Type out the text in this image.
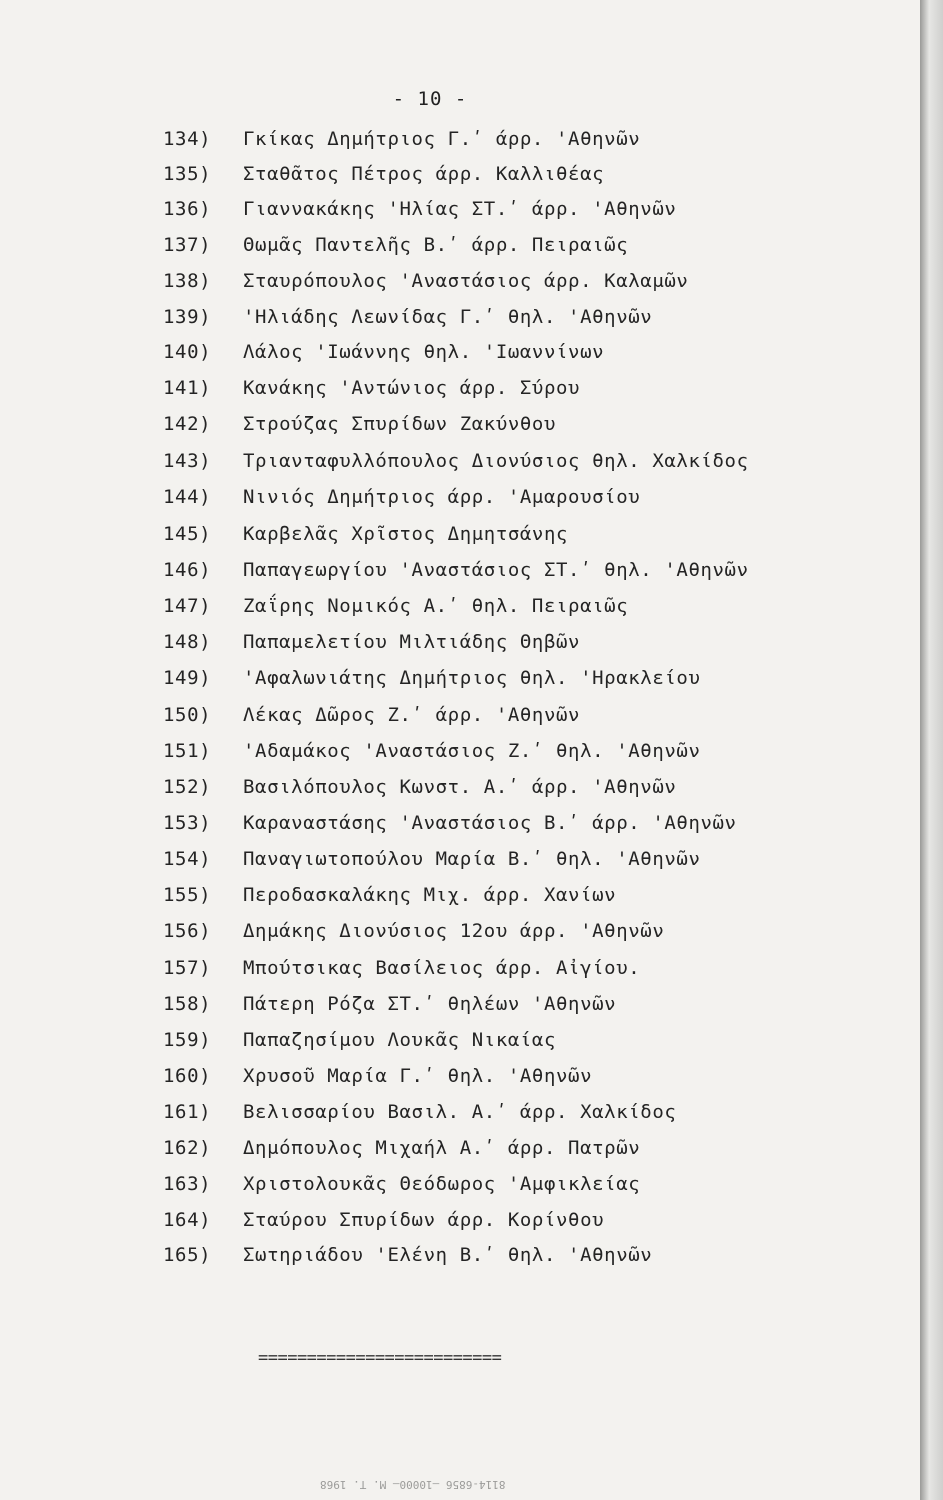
- 10 -
134) Γκίκας Δημήτριος Γ.ʹ άρρ. 'Αθηνῶν
135) Σταθᾶτος Πέτρος άρρ. Καλλιθέας
136) Γιαννακάκης 'Ηλίας ΣΤ.ʹ άρρ. 'Αθηνῶν
137) Θωμᾶς Παντελῆς Β.ʹ άρρ. Πειραιῶς
138) Σταυρόπουλος 'Αναστάσιος άρρ. Καλαμῶν
139) 'Ηλιάδης Λεωνίδας Γ.ʹ θηλ. 'Αθηνῶν
140) Λάλος 'Ιωάννης θηλ. 'Ιωαννίνων
141) Κανάκης 'Αντώνιος άρρ. Σύρου
142) Στρούζας Σπυρίδων Ζακύνθου
143) Τριανταφυλλόπουλος Διονύσιος θηλ. Χαλκίδος
144) Νινιός Δημήτριος άρρ. 'Αμαρουσίου
145) Καρβελᾶς Χρῖστος Δημητσάνης
146) Παπαγεωργίου 'Αναστάσιος ΣΤ.ʹ θηλ. 'Αθηνῶν
147) Ζαΐρης Νομικός Α.ʹ θηλ. Πειραιῶς
148) Παπαμελετίου Μιλτιάδης Θηβῶν
149) 'Αφαλωνιάτης Δημήτριος θηλ. 'Ηρακλείου
150) Λέκας Δῶρος Ζ.ʹ άρρ. 'Αθηνῶν
151) 'Αδαμάκος 'Αναστάσιος Ζ.ʹ θηλ. 'Αθηνῶν
152) Βασιλόπουλος Κωνστ. Α.ʹ άρρ. 'Αθηνῶν
153) Καραναστάσης 'Αναστάσιος Β.ʹ άρρ. 'Αθηνῶν
154) Παναγιωτοπούλου Μαρία Β.ʹ θηλ. 'Αθηνῶν
155) Περοδασκαλάκης Μιχ. άρρ. Χανίων
156) Δημάκης Διονύσιος 12ου άρρ. 'Αθηνῶν
157) Μπούτσικας Βασίλειος άρρ. Αἰγίου.
158) Πάτερη Ρόζα ΣΤ.ʹ θηλέων 'Αθηνῶν
159) Παπαζησίμου Λουκᾶς Νικαίας
160) Χρυσοῦ Μαρία Γ.ʹ θηλ. 'Αθηνῶν
161) Βελισσαρίου Βασιλ. Α.ʹ άρρ. Χαλκίδος
162) Δημόπουλος Μιχαήλ Α.ʹ άρρ. Πατρῶν
163) Χριστολουκᾶς Θεόδωρος 'Αμφικλείας
164) Σταύρου Σπυρίδων άρρ. Κορίνθου
165) Σωτηριάδου 'Ελένη Β.ʹ θηλ. 'Αθηνῶν
=========================
8114-6856 —10000— Μ. Τ. 1968
